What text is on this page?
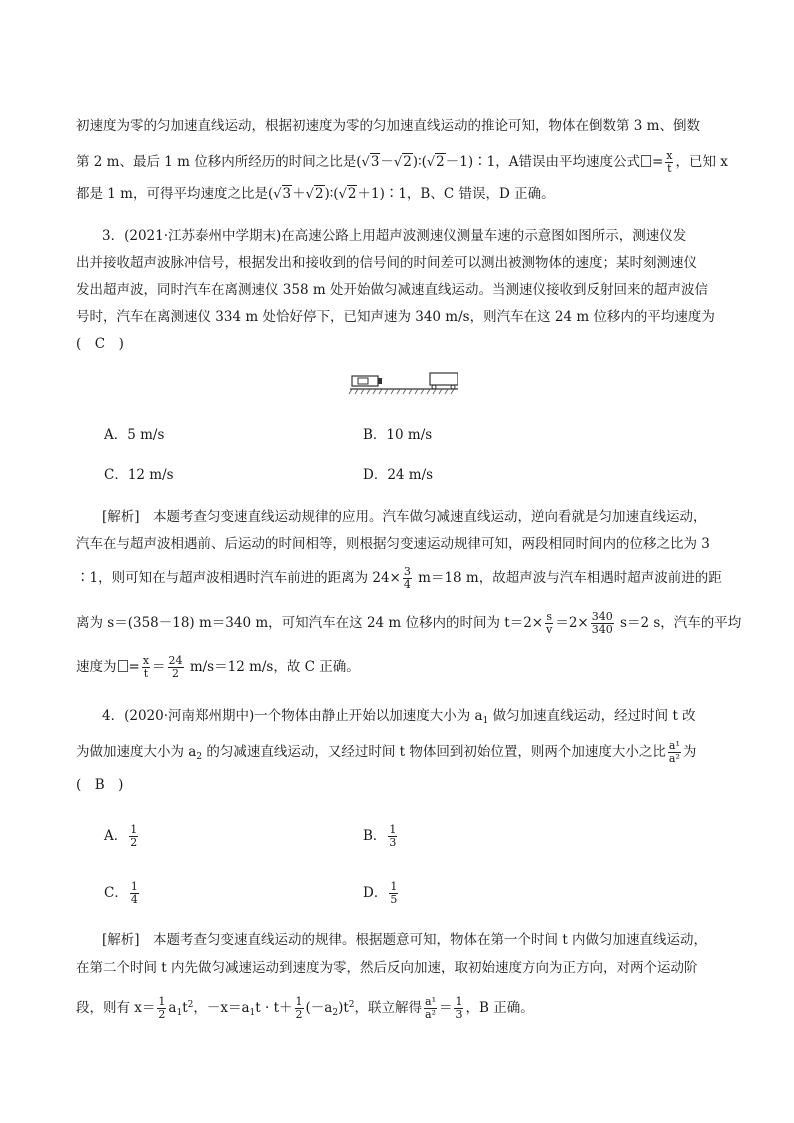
初速度为零的匀加速直线运动，根据初速度为零的匀加速直线运动的推论可知，物体在倒数第 3 m、倒数
第 2 m、最后 1 m 位移内所经历的时间之比是(√3－√2)∶(√2－1)∶1，A错误由平均速度公式 = $\frac{x}{t}$ ，已知 x
都是 1 m，可得平均速度之比是(√3＋√2)∶(√2＋1)∶1，B、C 错误，D 正确。
3．(2021·江苏泰州中学期末)在高速公路上用超声波测速仪测量车速的示意图如图所示，测速仪发
出并接收超声波脉冲信号，根据发出和接收到的信号间的时间差可以测出被测物体的速度；某时刻测速仪
发出超声波，同时汽车在离测速仪 358 m 处开始做匀减速直线运动。当测速仪接收到反射回来的超声波信
号时，汽车在离测速仪 334 m 处恰好停下，已知声速为 340 m/s，则汽车在这 24 m 位移内的平均速度为
(　C　)
A．5 m/s	B．10 m/s
C．12 m/s	D．24 m/s
[解析]　本题考查匀变速直线运动规律的应用。汽车做匀减速直线运动，逆向看就是匀加速直线运动，
汽车在与超声波相遇前、后运动的时间相等，则根据匀变速运动规律可知，两段相同时间内的位移之比为 3
∶1，则可知在与超声波相遇时汽车前进的距离为 $24\times \frac{3}{4} m=18$ m，故超声波与汽车相遇时超声波前进的距
离为 s＝(358－18) m＝340 m，可知汽车在这 24 m 位移内的时间为 $t=2\times \frac{s}{v} =2\times \frac{340}{340} s=2$ s，汽车的平均
速度为 = $\frac{x}{t} = \frac{24}{2} m/s=12$ m/s，故 C 正确。
4．(2020·河南郑州期中)一个物体由静止开始以加速度大小为 $a_1$ 做匀加速直线运动，经过时间 t 改
为做加速度大小为 $a_2$ 的匀减速直线运动，又经过时间 t 物体回到初始位置，则两个加速度大小之比 $\frac{\text{a¹}}{\text{a²}}$ 为
(　B　)
A． $\frac{1}{2}$	B． $\frac{1}{3}$
C． $\frac{1}{4}$	D． $\frac{1}{5}$
[解析]　本题考查匀变速直线运动的规律。根据题意可知，物体在第一个时间 t 内做匀加速直线运动，
在第二个时间 t 内先做匀减速运动到速度为零，然后反向加速，取初始速度方向为正方向，对两个运动阶
段，则有 $x= \frac{1}{2} a_1t^2$，$-x=a_1t \cdot t+ \frac{1}{2} (-a_2)t^2$，联立解得 $\frac{\text{a¹}}{\text{a²}} = \frac{1}{3}$ ，B 正确。
